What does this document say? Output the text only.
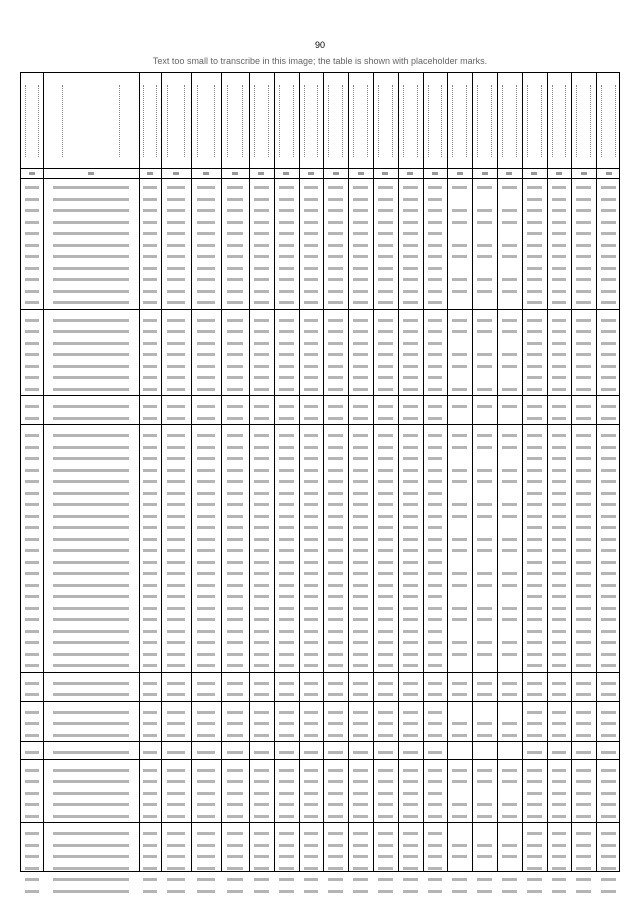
90
Text too small to transcribe in this image; the table is shown with placeholder marks.
